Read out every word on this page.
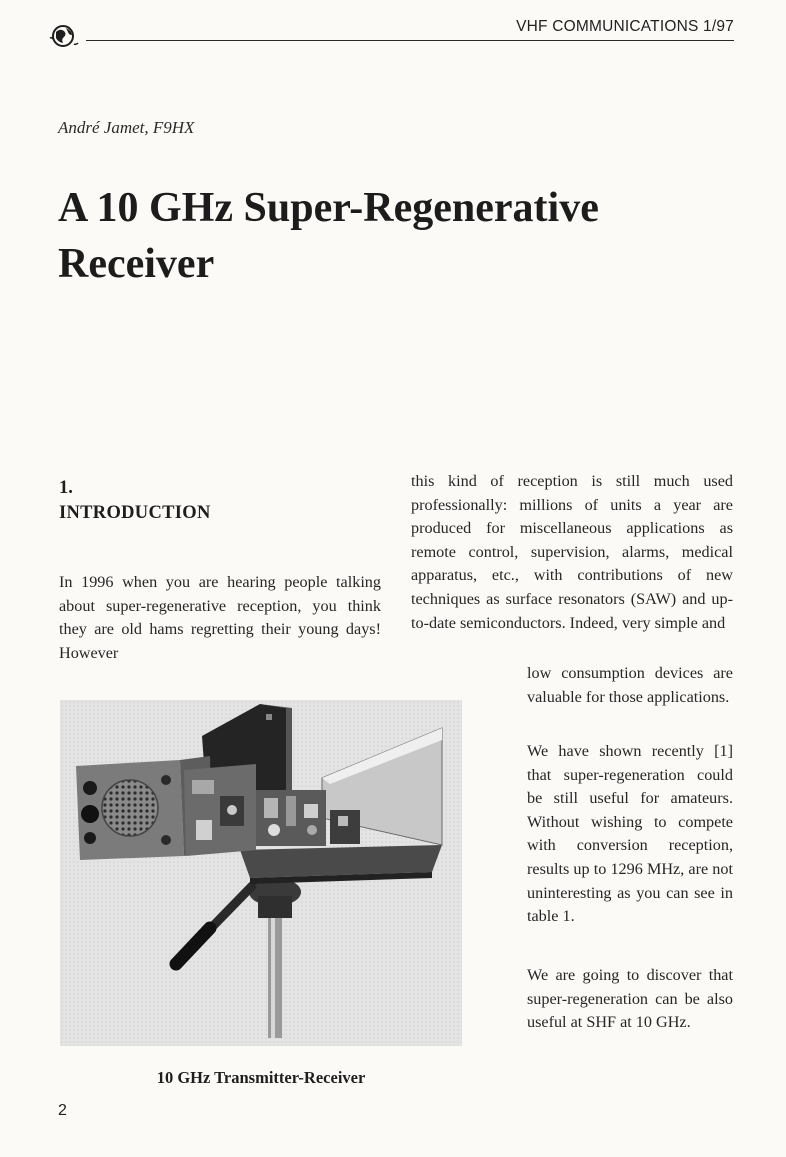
VHF COMMUNICATIONS 1/97
André Jamet, F9HX
A 10 GHz Super-Regenerative
Receiver
1.
INTRODUCTION

In 1996 when you are hearing people talking about super-regenerative reception, you think they are old hams regretting their young days! However

this kind of reception is still much used professionally: millions of units a year are produced for miscellaneous applications as remote control, supervision, alarms, medical apparatus, etc., with contributions of new techniques as surface resonators (SAW) and up-to-date semiconductors. Indeed, very simple and

low consumption devices are valuable for those applications.

We have shown recently [1] that super-regeneration could be still useful for amateurs. Without wishing to compete with conversion reception, results up to 1296 MHz, are not uninteresting as you can see in table 1.

We are going to discover that super-regeneration can be also useful at SHF at 10 GHz.

10 GHz Transmitter-Receiver
2
